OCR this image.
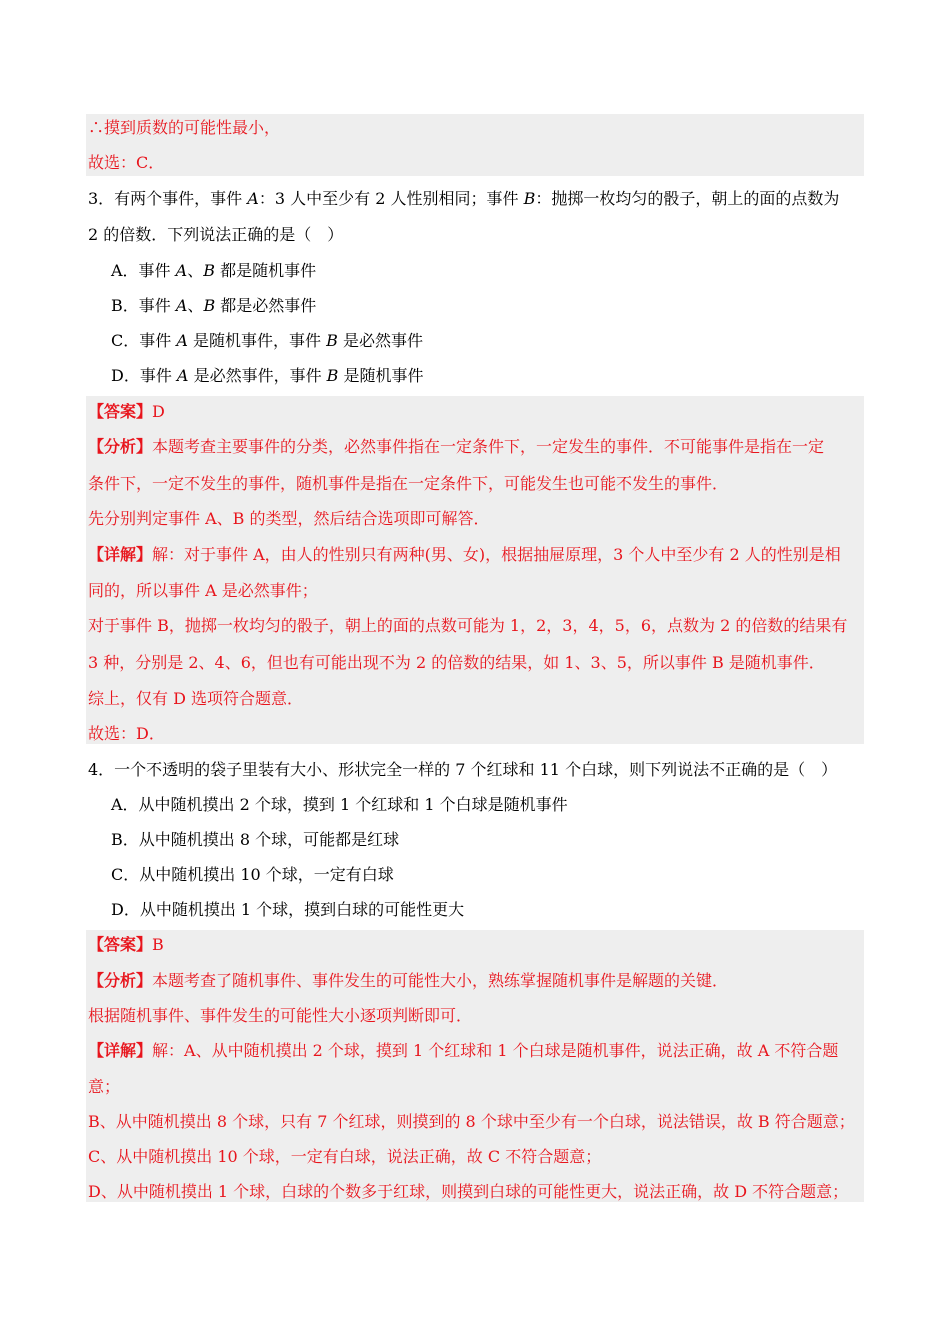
∴摸到质数的可能性最小，
故选：C．
3．有两个事件，事件 A：3 人中至少有 2 人性别相同；事件 B：抛掷一枚均匀的骰子，朝上的面的点数为
2 的倍数．下列说法正确的是（　）
A．事件 A、B 都是随机事件
B．事件 A、B 都是必然事件
C．事件 A 是随机事件，事件 B 是必然事件
D．事件 A 是必然事件，事件 B 是随机事件
【答案】D
【分析】本题考查主要事件的分类，必然事件指在一定条件下，一定发生的事件．不可能事件是指在一定
条件下，一定不发生的事件，随机事件是指在一定条件下，可能发生也可能不发生的事件．
先分别判定事件 A、B 的类型，然后结合选项即可解答．
【详解】解：对于事件 A，由人的性别只有两种(男、女)，根据抽屉原理，3 个人中至少有 2 人的性别是相
同的，所以事件 A 是必然事件；
对于事件 B，抛掷一枚均匀的骰子，朝上的面的点数可能为 1，2，3，4，5，6，点数为 2 的倍数的结果有
3 种，分别是 2、4、6，但也有可能出现不为 2 的倍数的结果，如 1、3、5，所以事件 B 是随机事件．
综上，仅有 D 选项符合题意．
故选：D．
4．一个不透明的袋子里装有大小、形状完全一样的 7 个红球和 11 个白球，则下列说法不正确的是（　）
A．从中随机摸出 2 个球，摸到 1 个红球和 1 个白球是随机事件
B．从中随机摸出 8 个球，可能都是红球
C．从中随机摸出 10 个球，一定有白球
D．从中随机摸出 1 个球，摸到白球的可能性更大
【答案】B
【分析】本题考查了随机事件、事件发生的可能性大小，熟练掌握随机事件是解题的关键．
根据随机事件、事件发生的可能性大小逐项判断即可．
【详解】解：A、从中随机摸出 2 个球，摸到 1 个红球和 1 个白球是随机事件，说法正确，故 A 不符合题
意；
B、从中随机摸出 8 个球，只有 7 个红球，则摸到的 8 个球中至少有一个白球，说法错误，故 B 符合题意；
C、从中随机摸出 10 个球，一定有白球，说法正确，故 C 不符合题意；
D、从中随机摸出 1 个球，白球的个数多于红球，则摸到白球的可能性更大，说法正确，故 D 不符合题意；
